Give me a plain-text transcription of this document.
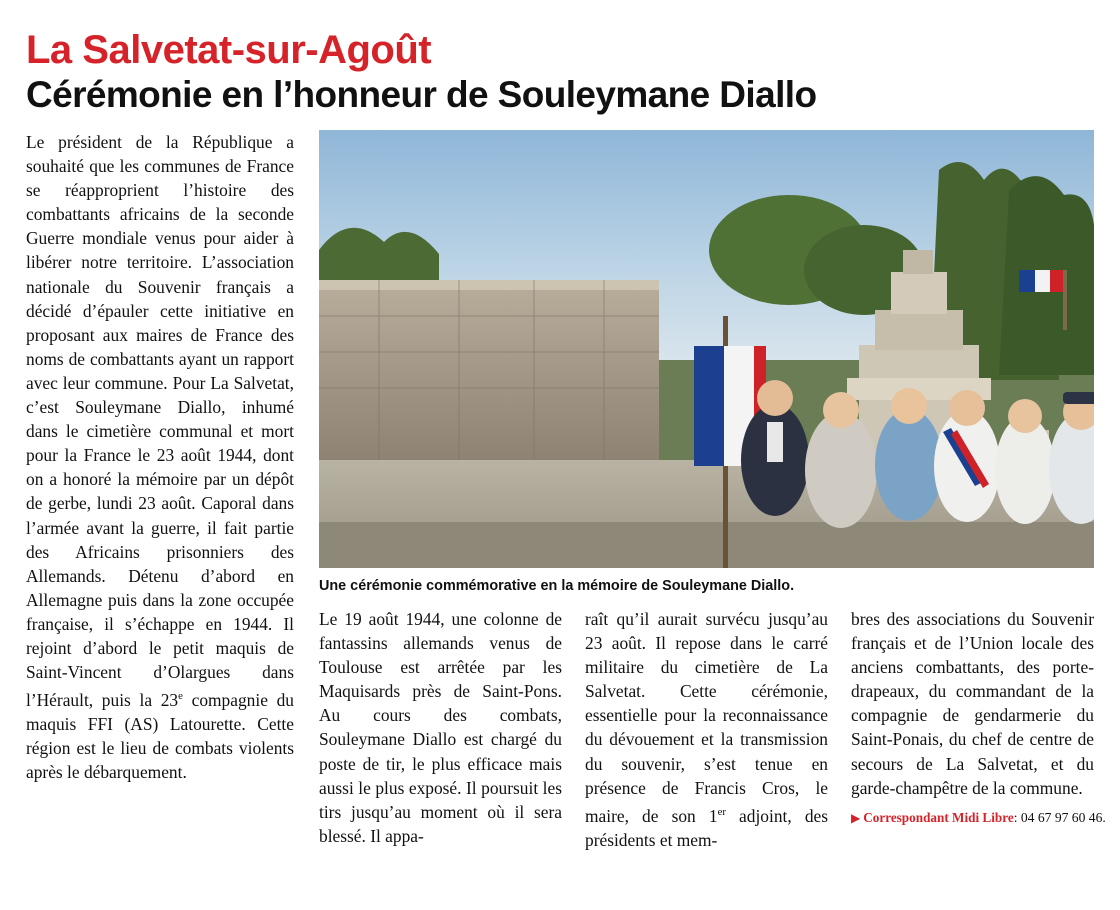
La Salvetat-sur-Agoût
Cérémonie en l’honneur de Souleymane Diallo

Le président de la République a souhaité que les communes de France se réapproprient l’histoire des combattants africains de la seconde Guerre mondiale venus pour aider à libérer notre territoire. L’association nationale du Souvenir français a décidé d’épauler cette initiative en proposant aux maires de France des noms de combattants ayant un rapport avec leur commune. Pour La Salvetat, c’est Souleymane Diallo, inhumé dans le cimetière communal et mort pour la France le 23 août 1944, dont on a honoré la mémoire par un dépôt de gerbe, lundi 23 août. Caporal dans l’armée avant la guerre, il fait partie des Africains prisonniers des Allemands. Détenu d’abord en Allemagne puis dans la zone occupée française, il s’échappe en 1944. Il rejoint d’abord le petit maquis de Saint-Vincent d’Olargues dans l’Hérault, puis la 23e compagnie du maquis FFI (AS) Latourette. Cette région est le lieu de combats violents après le débarquement.

Une cérémonie commémorative en la mémoire de Souleymane Diallo.

Le 19 août 1944, une colonne de fantassins allemands venus de Toulouse est arrêtée par les Maquisards près de Saint-Pons. Au cours des combats, Souleymane Diallo est chargé du poste de tir, le plus efficace mais aussi le plus exposé. Il poursuit les tirs jusqu’au moment où il sera blessé. Il appa-

raît qu’il aurait survécu jusqu’au 23 août. Il repose dans le carré militaire du cimetière de La Salvetat. Cette cérémonie, essentielle pour la reconnaissance du dévouement et la transmission du souvenir, s’est tenue en présence de Francis Cros, le maire, de son 1er adjoint, des présidents et mem-

bres des associations du Souvenir français et de l’Union locale des anciens combattants, des porte-drapeaux, du commandant de la compagnie de gendarmerie du Saint-Ponais, du chef de centre de secours de La Salvetat, et du garde-champêtre de la commune.

▶ Correspondant Midi Libre: 04 67 97 60 46.
